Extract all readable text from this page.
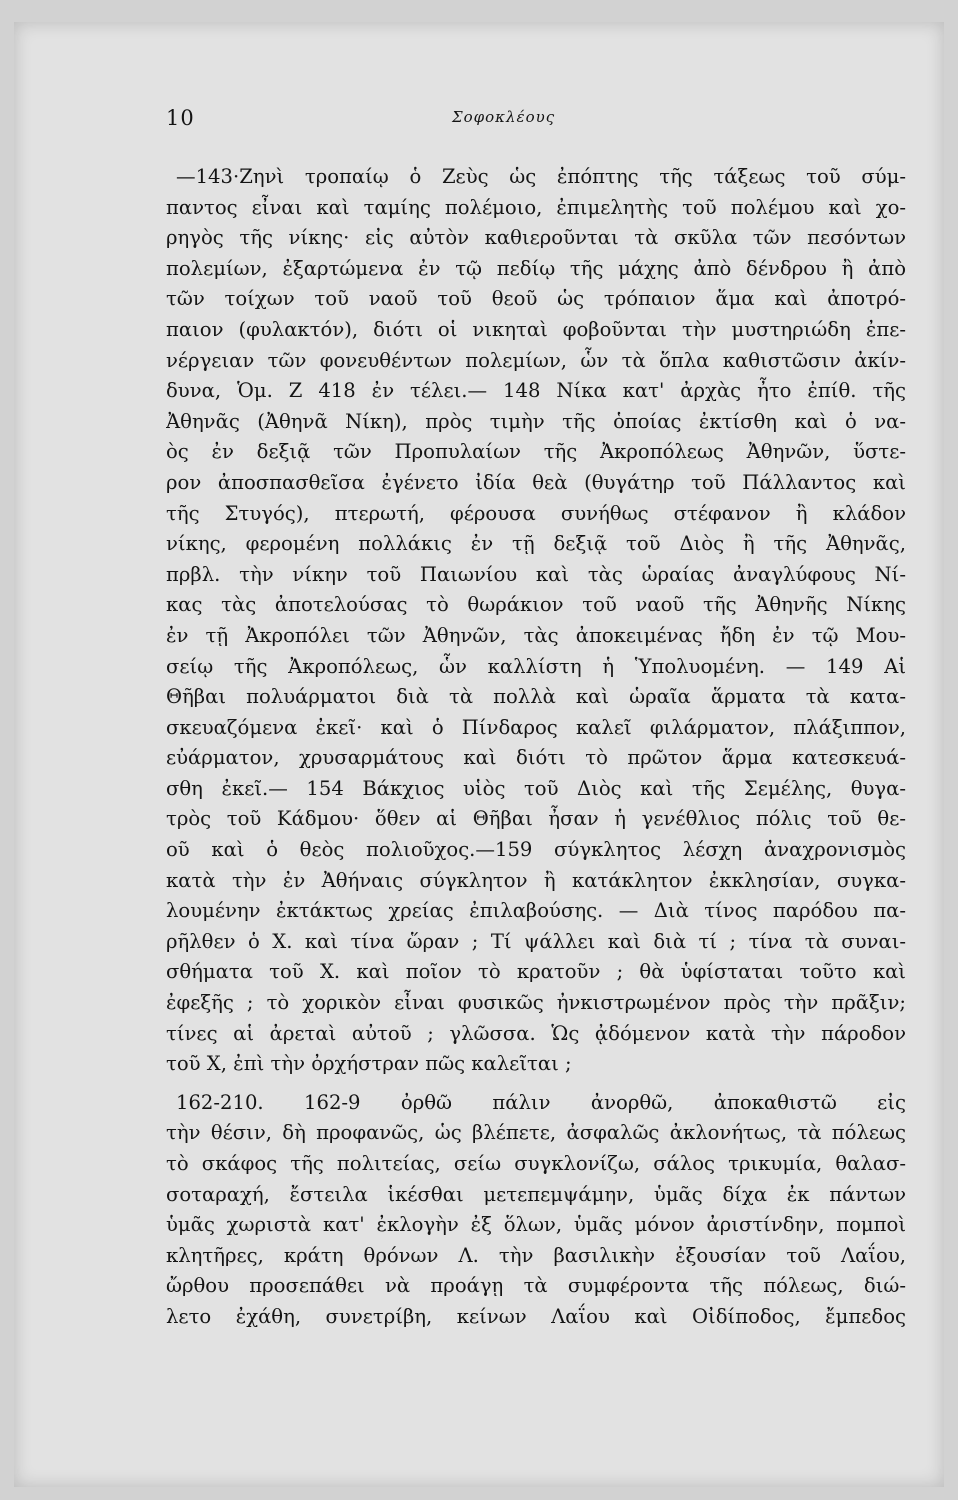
10	Σοφοκλέους
—143·Ζηνὶ τροπαίῳ ὁ Ζεὺς ὡς ἐπόπτης τῆς τάξεως τοῦ σύμ-
παντος εἶναι καὶ ταμίης πολέμοιο, ἐπιμελητὴς τοῦ πολέμου καὶ χο-
ρηγὸς τῆς νίκης· εἰς αὐτὸν καθιεροῦνται τὰ σκῦλα τῶν πεσόντων
πολεμίων, ἐξαρτώμενα ἐν τῷ πεδίῳ τῆς μάχης ἀπὸ δένδρου ἢ ἀπὸ
τῶν τοίχων τοῦ ναοῦ τοῦ θεοῦ ὡς τρόπαιον ἅμα καὶ ἀποτρό-
παιον (φυλακτόν), διότι οἱ νικηταὶ φοβοῦνται τὴν μυστηριώδη ἐπε-
νέργειαν τῶν φονευθέντων πολεμίων, ὧν τὰ ὅπλα καθιστῶσιν ἀκίν-
δυνα, Ὁμ. Ζ 418 ἐν τέλει.— 148 Νίκα κατ' ἀρχὰς ἦτο ἐπίθ. τῆς
Ἀθηνᾶς (Ἀθηνᾶ Νίκη), πρὸς τιμὴν τῆς ὁποίας ἐκτίσθη καὶ ὁ να-
ὸς ἐν δεξιᾷ τῶν Προπυλαίων τῆς Ἀκροπόλεως Ἀθηνῶν, ὕστε-
ρον ἀποσπασθεῖσα ἐγένετο ἰδία θεὰ (θυγάτηρ τοῦ Πάλλαντος καὶ
τῆς Στυγός), πτερωτή, φέρουσα συνήθως στέφανον ἢ κλάδον
νίκης, φερομένη πολλάκις ἐν τῇ δεξιᾷ τοῦ Διὸς ἢ τῆς Ἀθηνᾶς,
πρβλ. τὴν νίκην τοῦ Παιωνίου καὶ τὰς ὡραίας ἀναγλύφους Νί-
κας τὰς ἀποτελούσας τὸ θωράκιον τοῦ ναοῦ τῆς Ἀθηνῆς Νίκης
ἐν τῇ Ἀκροπόλει τῶν Ἀθηνῶν, τὰς ἀποκειμένας ἤδη ἐν τῷ Μου-
σείῳ τῆς Ἀκροπόλεως, ὧν καλλίστη ἡ Ὑπολυομένη. — 149 Αἱ
Θῆβαι πολυάρματοι διὰ τὰ πολλὰ καὶ ὡραῖα ἅρματα τὰ κατα-
σκευαζόμενα ἐκεῖ· καὶ ὁ Πίνδαρος καλεῖ φιλάρματον, πλάξιππον,
εὐάρματον, χρυσαρμάτους καὶ διότι τὸ πρῶτον ἅρμα κατεσκευά-
σθη ἐκεῖ.— 154 Βάκχιος υἱὸς τοῦ Διὸς καὶ τῆς Σεμέλης, θυγα-
τρὸς τοῦ Κάδμου· ὅθεν αἱ Θῆβαι ἦσαν ἡ γενέθλιος πόλις τοῦ θε-
οῦ καὶ ὁ θεὸς πολιοῦχος.—159 σύγκλητος λέσχη ἀναχρονισμὸς
κατὰ τὴν ἐν Ἀθήναις σύγκλητον ἢ κατάκλητον ἐκκλησίαν, συγκα-
λουμένην ἐκτάκτως χρείας ἐπιλαβούσης. — Διὰ τίνος παρόδου πα-
ρῆλθεν ὁ Χ. καὶ τίνα ὥραν ; Τί ψάλλει καὶ διὰ τί ; τίνα τὰ συναι-
σθήματα τοῦ Χ. καὶ ποῖον τὸ κρατοῦν ; θὰ ὑφίσταται τοῦτο καὶ
ἐφεξῆς ; τὸ χορικὸν εἶναι φυσικῶς ἠνκιστρωμένον πρὸς τὴν πρᾶξιν;
τίνες αἱ ἀρεταὶ αὐτοῦ ; γλῶσσα. Ὡς ᾀδόμενον κατὰ τὴν πάροδον
τοῦ Χ, ἐπὶ τὴν ὀρχήστραν πῶς καλεῖται ;
162-210. 162-9 ὀρθῶ πάλιν ἀνορθῶ, ἀποκαθιστῶ εἰς
τὴν θέσιν, δὴ προφανῶς, ὡς βλέπετε, ἀσφαλῶς ἀκλονήτως, τὰ πόλεως
τὸ σκάφος τῆς πολιτείας, σείω συγκλονίζω, σάλος τρικυμία, θαλασ-
σοταραχή, ἔστειλα ἱκέσθαι μετεπεμψάμην, ὑμᾶς δίχα ἐκ πάντων
ὑμᾶς χωριστὰ κατ' ἐκλογὴν ἐξ ὅλων, ὑμᾶς μόνον ἀριστίνδην, πομποὶ
κλητῆρες, κράτη θρόνων Λ. τὴν βασιλικὴν ἐξουσίαν τοῦ Λαΐου,
ὤρθου προσεπάθει νὰ προάγῃ τὰ συμφέροντα τῆς πόλεως, διώ-
λετο ἐχάθη, συνετρίβη, κείνων Λαΐου καὶ Οἰδίποδος, ἔμπεδος
